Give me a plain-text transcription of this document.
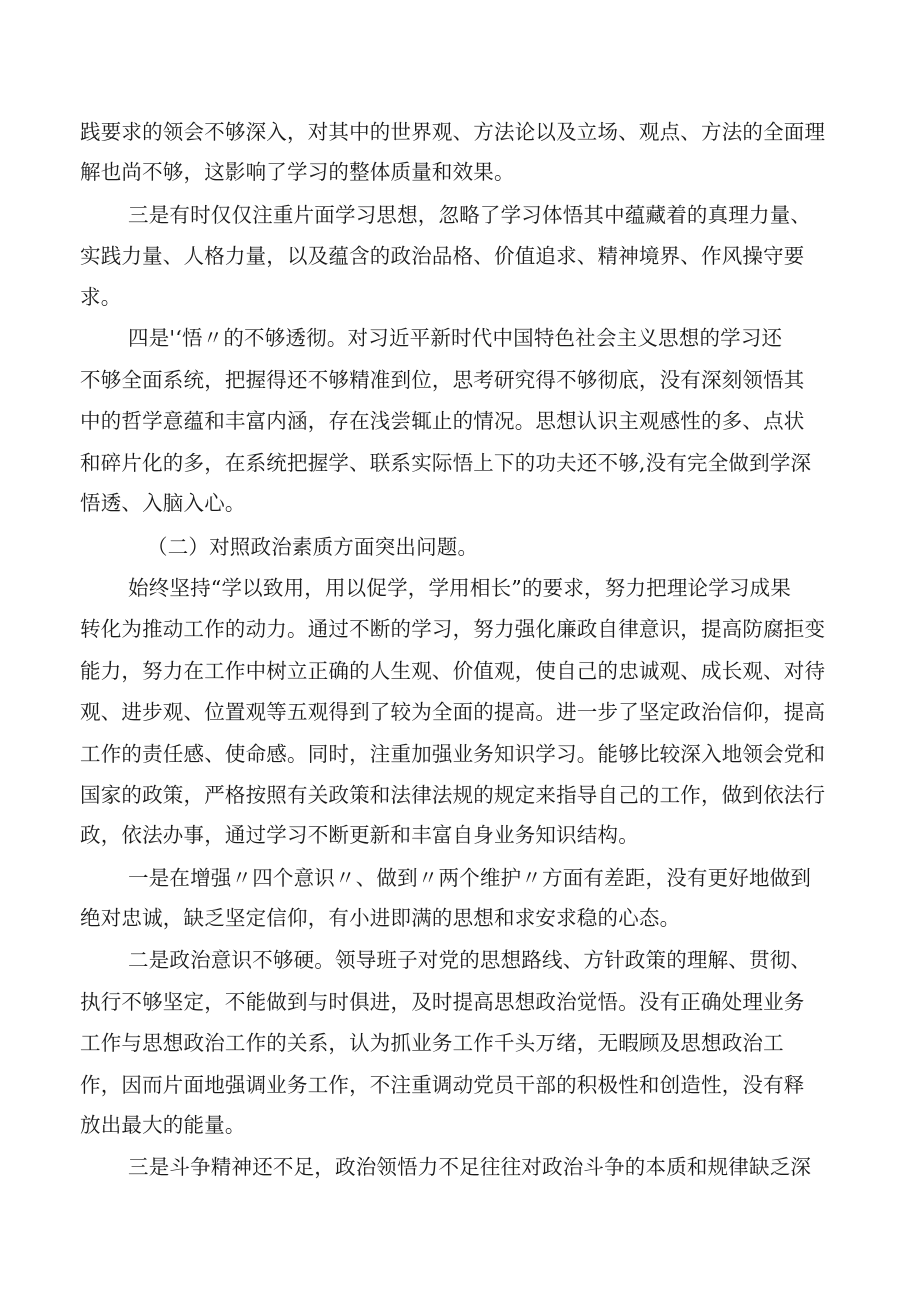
践要求的领会不够深入，对其中的世界观、方法论以及立场、观点、方法的全面理
解也尚不够，这影响了学习的整体质量和效果。
三是有时仅仅注重片面学习思想，忽略了学习体悟其中蕴藏着的真理力量、
实践力量、人格力量，以及蕴含的政治品格、价值追求、精神境界、作风操守要
求。
四是'‘悟〃的不够透彻。对习近平新时代中国特色社会主义思想的学习还
不够全面系统，把握得还不够精准到位，思考研究得不够彻底，没有深刻领悟其
中的哲学意蕴和丰富内涵，存在浅尝辄止的情况。思想认识主观感性的多、点状
和碎片化的多，在系统把握学、联系实际悟上下的功夫还不够,没有完全做到学深
悟透、入脑入心。
（二）对照政治素质方面突出问题。
始终坚持“学以致用，用以促学，学用相长”的要求，努力把理论学习成果
转化为推动工作的动力。通过不断的学习，努力强化廉政自律意识，提高防腐拒变
能力，努力在工作中树立正确的人生观、价值观，使自己的忠诚观、成长观、对待
观、进步观、位置观等五观得到了较为全面的提高。进一步了坚定政治信仰，提高
工作的责任感、使命感。同时，注重加强业务知识学习。能够比较深入地领会党和
国家的政策，严格按照有关政策和法律法规的规定来指导自己的工作，做到依法行
政，依法办事，通过学习不断更新和丰富自身业务知识结构。
一是在增强〃四个意识〃、做到〃两个维护〃方面有差距，没有更好地做到
绝对忠诚，缺乏坚定信仰，有小进即满的思想和求安求稳的心态。
二是政治意识不够硬。领导班子对党的思想路线、方针政策的理解、贯彻、
执行不够坚定，不能做到与时俱进，及时提高思想政治觉悟。没有正确处理业务
工作与思想政治工作的关系，认为抓业务工作千头万绪，无暇顾及思想政治工
作，因而片面地强调业务工作，不注重调动党员干部的积极性和创造性，没有释
放出最大的能量。
三是斗争精神还不足，政治领悟力不足往往对政治斗争的本质和规律缺乏深
